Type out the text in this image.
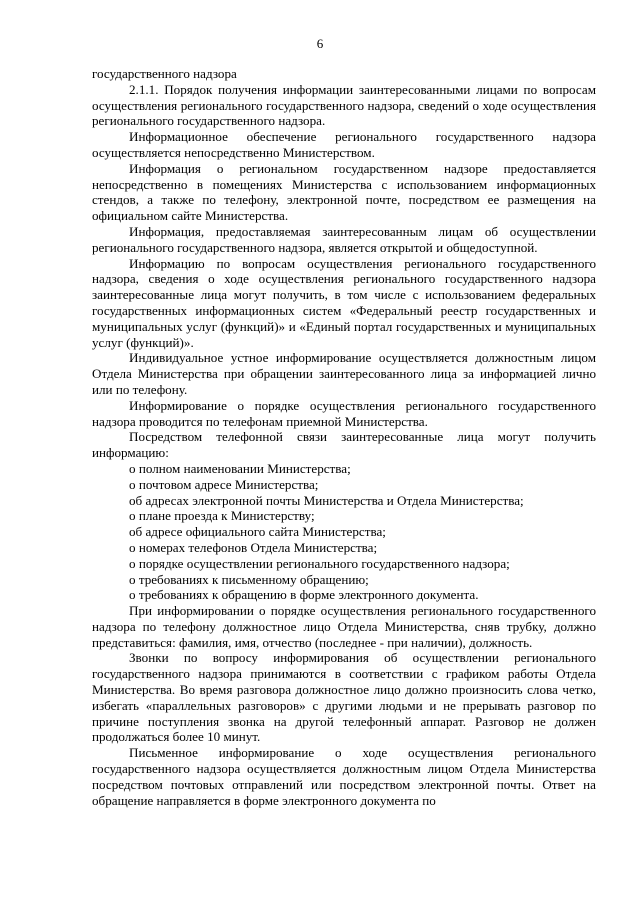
6

государственного надзора

2.1.1. Порядок получения информации заинтересованными лицами по вопросам осуществления регионального государственного надзора, сведений о ходе осуществления регионального государственного надзора.

Информационное обеспечение регионального государственного надзора осуществляется непосредственно Министерством.

Информация о региональном государственном надзоре предоставляется непосредственно в помещениях Министерства с использованием информационных стендов, а также по телефону, электронной почте, посредством ее размещения на официальном сайте Министерства.

Информация, предоставляемая заинтересованным лицам об осуществлении регионального государственного надзора, является открытой и общедоступной.

Информацию по вопросам осуществления регионального государственного надзора, сведения о ходе осуществления регионального государственного надзора заинтересованные лица могут получить, в том числе с использованием федеральных государственных информационных систем «Федеральный реестр государственных и муниципальных услуг (функций)» и «Единый портал государственных и муниципальных услуг (функций)».

Индивидуальное устное информирование осуществляется должностным лицом Отдела Министерства при обращении заинтересованного лица за информацией лично или по телефону.

Информирование о порядке осуществления регионального государственного надзора проводится по телефонам приемной Министерства.

Посредством телефонной связи заинтересованные лица могут получить информацию:

о полном наименовании Министерства;
о почтовом адресе Министерства;
об адресах электронной почты Министерства и Отдела Министерства;
о плане проезда к Министерству;
об адресе официального сайта Министерства;
о номерах телефонов Отдела Министерства;
о порядке осуществлении регионального государственного надзора;
о требованиях к письменному обращению;
о требованиях к обращению в форме электронного документа.

При информировании о порядке осуществления регионального государственного надзора по телефону должностное лицо Отдела Министерства, сняв трубку, должно представиться: фамилия, имя, отчество (последнее - при наличии), должность.

Звонки по вопросу информирования об осуществлении регионального государственного надзора принимаются в соответствии с графиком работы Отдела Министерства. Во время разговора должностное лицо должно произносить слова четко, избегать «параллельных разговоров» с другими людьми и не прерывать разговор по причине поступления звонка на другой телефонный аппарат. Разговор не должен продолжаться более 10 минут.

Письменное информирование о ходе осуществления регионального государственного надзора осуществляется должностным лицом Отдела Министерства посредством почтовых отправлений или посредством электронной почты. Ответ на обращение направляется в форме электронного документа по
